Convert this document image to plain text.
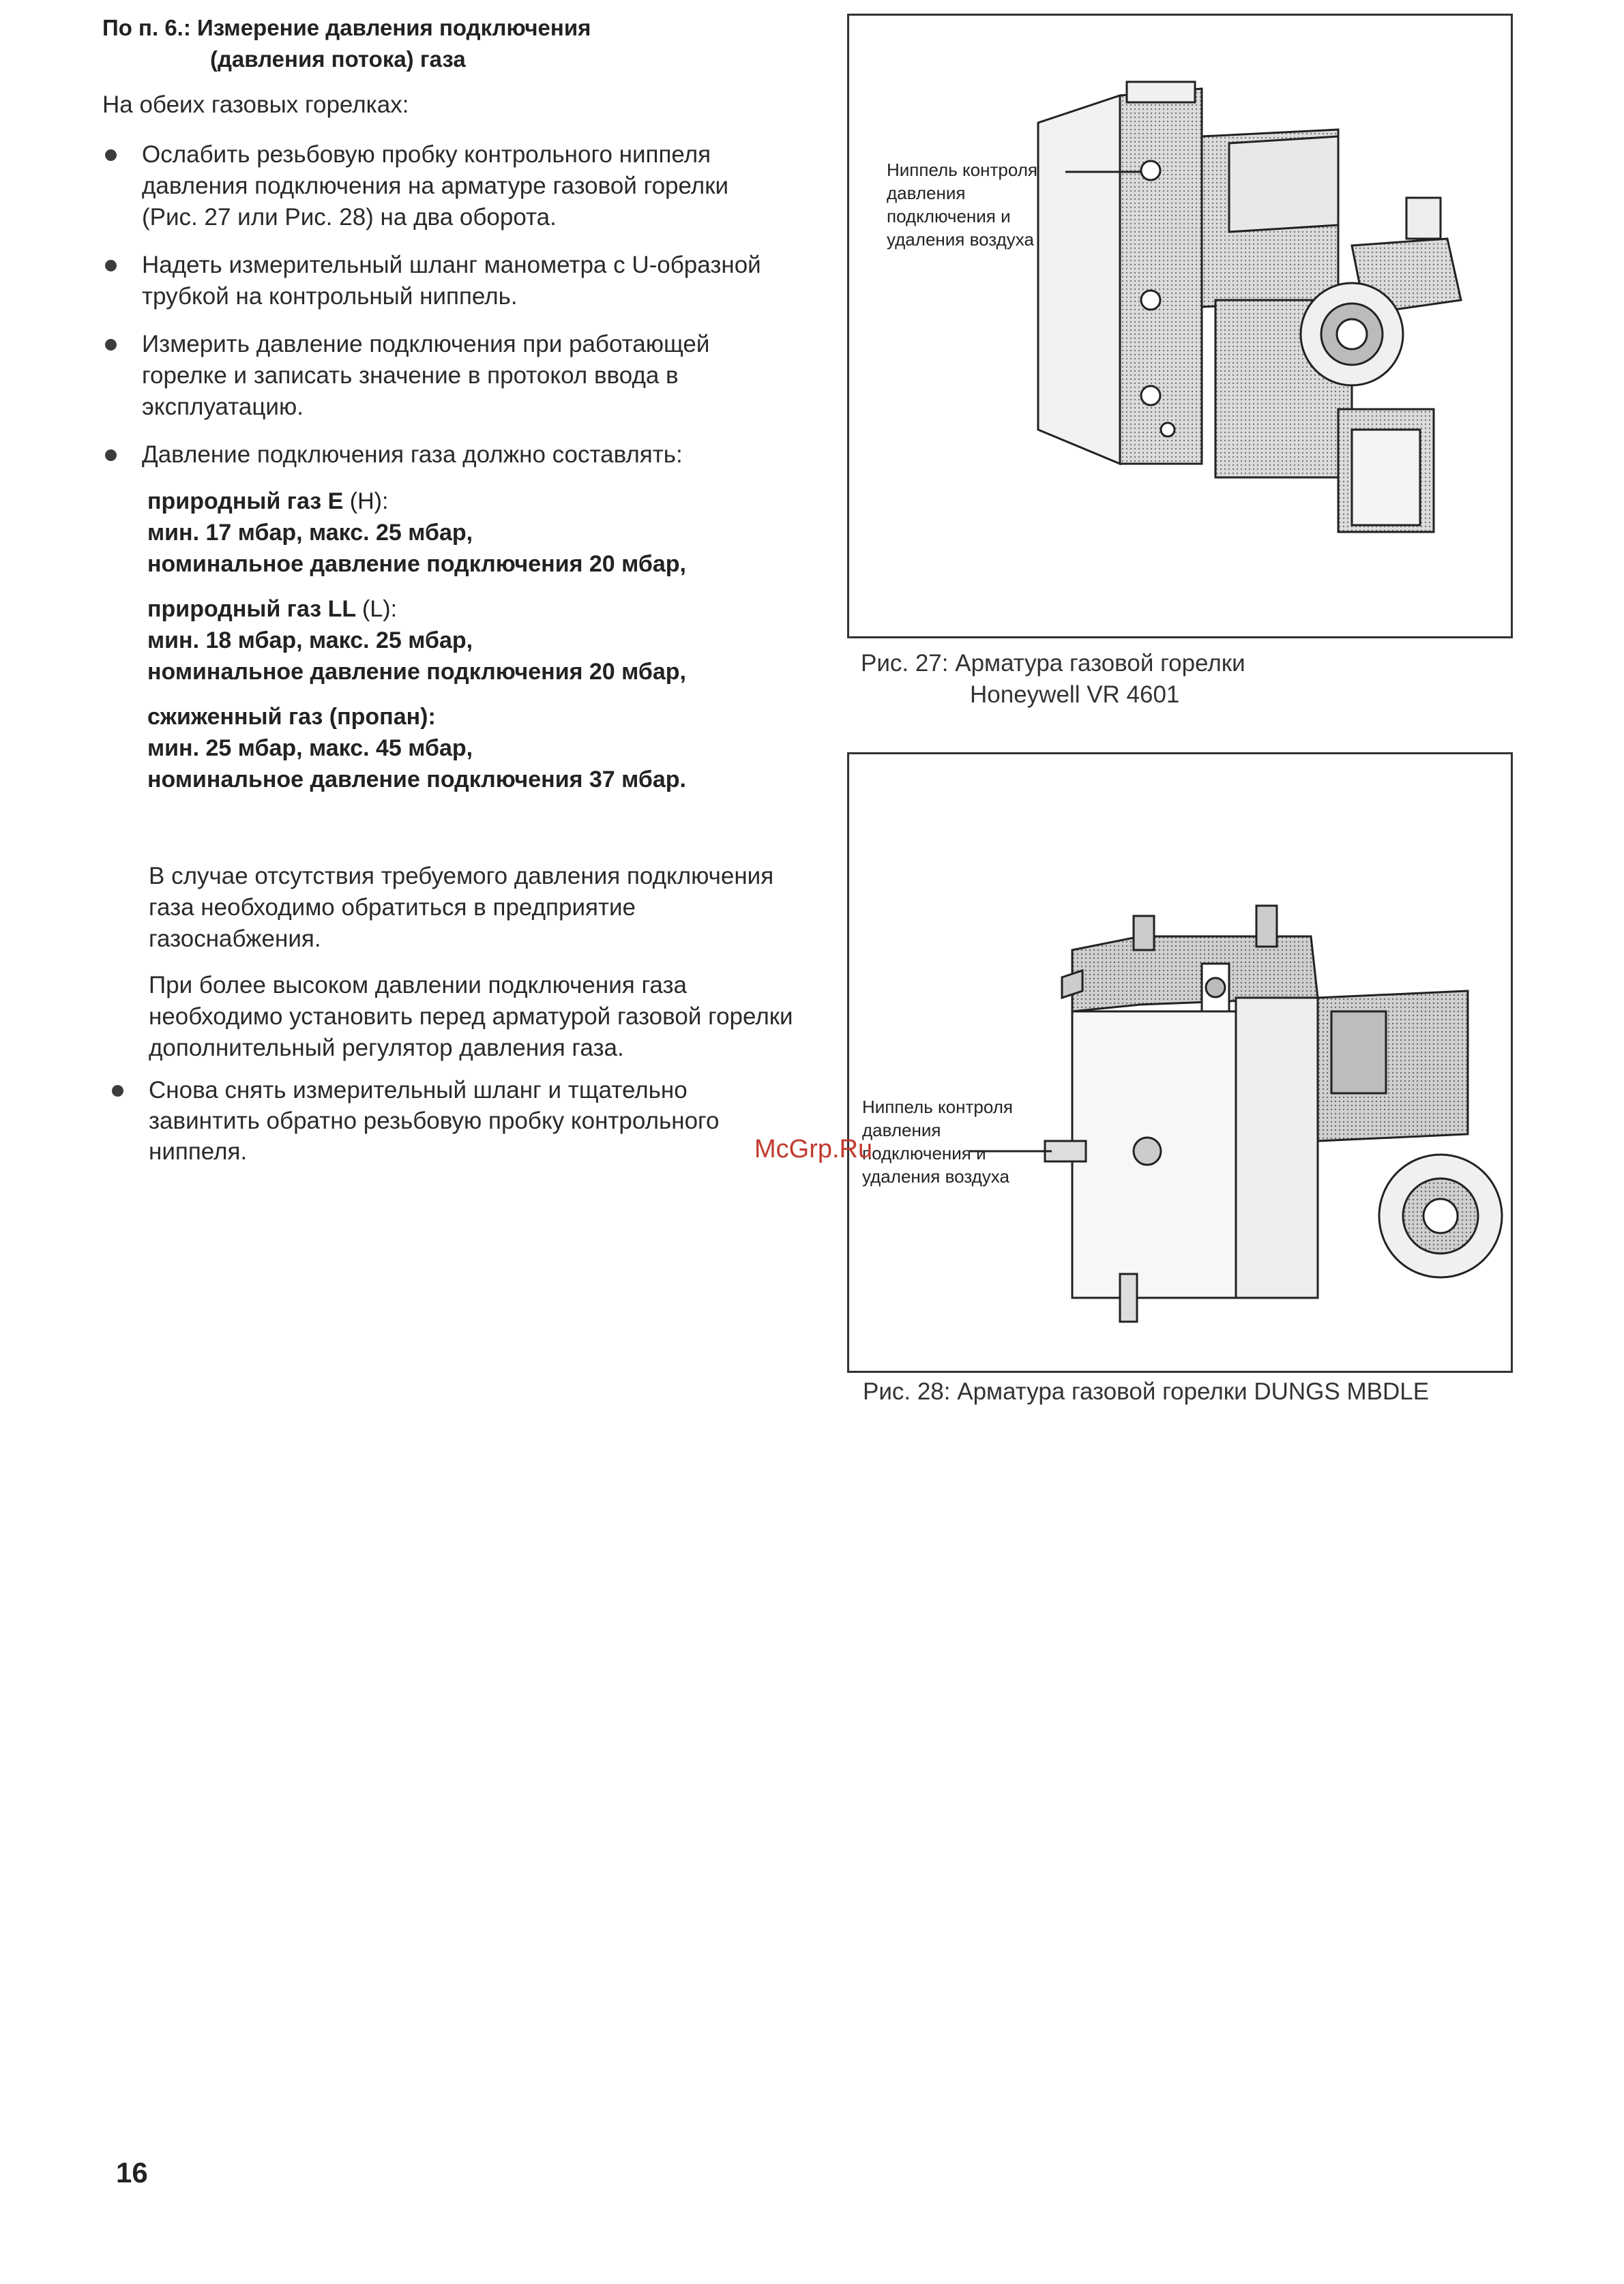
По п. 6.: Измерение давления подключения
(давления потока) газа
На обеих газовых горелках:
Ослабить резьбовую пробку контрольного ниппеля давления подключения на арматуре газовой горелки (Рис. 27 или Рис. 28) на два оборота.
Надеть измерительный шланг манометра с U-образной трубкой на контрольный ниппель.
Измерить давление подключения при работающей горелке и записать значение в протокол ввода в эксплуатацию.
Давление подключения газа должно составлять:
природный газ E (H):
мин. 17 мбар, макс. 25 мбар,
номинальное давление подключения 20 мбар,
природный газ LL (L):
мин. 18 мбар, макс. 25 мбар,
номинальное давление подключения 20 мбар,
сжиженный газ (пропан):
мин. 25 мбар, макс. 45 мбар,
номинальное давление подключения 37 мбар.
В случае отсутствия требуемого давления подключения газа необходимо обратиться в предприятие газоснабжения.
При более высоком давлении подключения газа необходимо установить перед арматурой газовой горелки дополнительный регулятор давления газа.
Снова снять измерительный шланг и тщательно завинтить обратно резьбовую пробку контрольного ниппеля.
Ниппель контроля давления подключения и удаления воздуха
Рис. 27: Арматура газовой горелки
Honeywell VR 4601
Ниппель контроля давления подключения и удаления воздуха
Рис. 28: Арматура газовой горелки DUNGS MBDLE
McGrp.Ru
16
